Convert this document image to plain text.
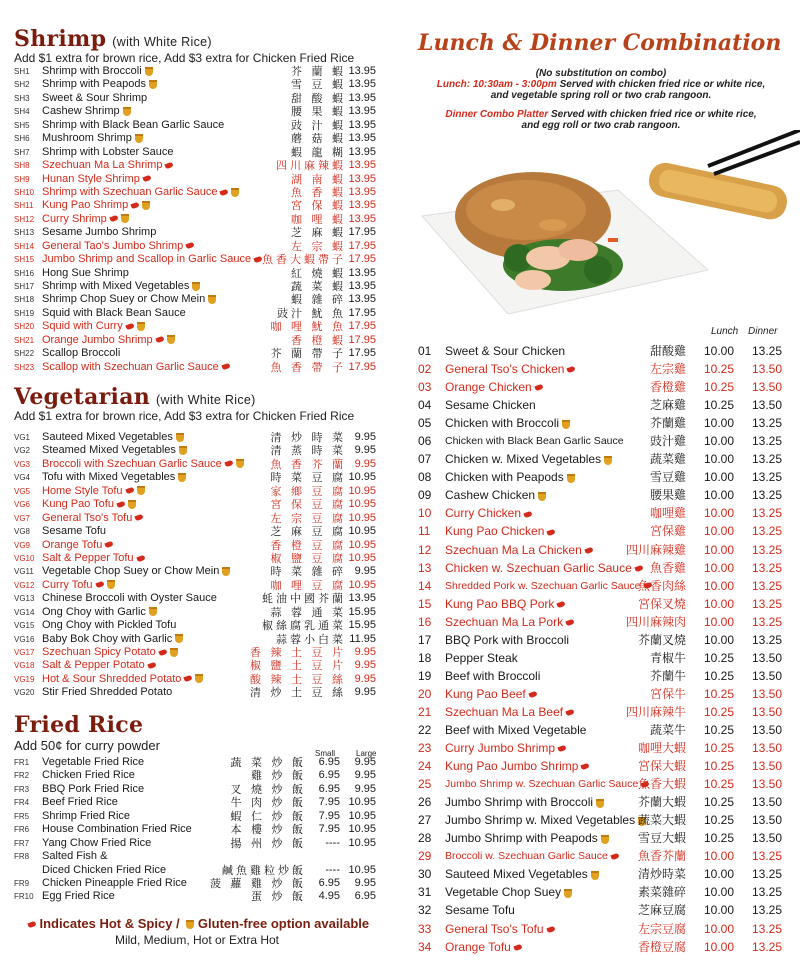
Shrimp (with White Rice)
Add $1 extra for brown rice, Add $3 extra for Chicken Fried Rice
SH1	Shrimp with Broccoli	芥 蘭 蝦 13.95
SH2	Shrimp with Peapods	雪 豆 蝦 13.95
SH3	Sweet & Sour Shrimp	甜 酸 蝦 13.95
SH4	Cashew Shrimp	腰 果 蝦 13.95
SH5	Shrimp with Black Bean Garlic Sauce	豉 汁 蝦 13.95
SH6	Mushroom Shrimp	蘑 菇 蝦 13.95
SH7	Shrimp with Lobster Sauce	蝦 龍 糊 13.95
SH8	Szechuan Ma La Shrimp	四川麻辣蝦 13.95
SH9	Hunan Style Shrimp	湖 南 蝦 13.95
SH10 Shrimp with Szechuan Garlic Sauce	魚 香 蝦 13.95
SH11 Kung Pao Shrimp	宮 保 蝦 13.95
SH12 Curry Shrimp	咖 哩 蝦 13.95
SH13 Sesame Jumbo Shrimp	芝 麻 蝦 17.95
SH14 General Tao's Jumbo Shrimp	左 宗 蝦 17.95
SH15 Jumbo Shrimp and Scallop in Garlic Sauce 魚香大蝦帶子 17.95
SH16 Hong Sue Shrimp	紅 燒 蝦 13.95
SH17 Shrimp with Mixed Vegetables	蔬 菜 蝦 13.95
SH18 Shrimp Chop Suey or Chow Mein	蝦 雜 碎 13.95
SH19 Squid with Black Bean Sauce	豉汁 魷 魚 17.95
SH20 Squid with Curry	咖 哩 魷 魚 17.95
SH21 Orange Jumbo Shrimp	香 橙 蝦 17.95
SH22 Scallop Broccoli	芥 蘭 帶 子 17.95
SH23 Scallop with Szechuan Garlic Sauce	魚 香 帶 子 17.95
Vegetarian (with White Rice)
Add $1 extra for brown rice, Add $3 extra for Chicken Fried Rice
VG1	Sauteed Mixed Vegetables	清 炒 時 菜 9.95
VG2	Steamed Mixed Vegetables	清 蒸 時 菜 9.95
VG3	Broccoli with Szechuan Garlic Sauce	魚 香 芥 蘭 9.95
VG4	Tofu with Mixed Vegetables	時 菜 豆 腐 10.95
VG5	Home Style Tofu	家 鄉 豆 腐 10.95
VG6	Kung Pao Tofu	宮 保 豆 腐 10.95
VG7	General Tso's Tofu	左 宗 豆 腐 10.95
VG8	Sesame Tofu	芝 麻 豆 腐 10.95
VG9	Orange Tofu	香 橙 豆 腐 10.95
VG10 Salt & Pepper Tofu	椒 鹽 豆 腐 10.95
VG11 Vegetable Chop Suey or Chow Mein	時 菜 雜 碎 9.95
VG12 Curry Tofu	咖 哩 豆 腐 10.95
VG13 Chinese Broccoli with Oyster Sauce	蚝油中國芥蘭 13.95
VG14 Ong Choy with Garlic	蒜 蓉 通 菜 15.95
VG15 Ong Choy with Pickled Tofu	椒絲腐乳通菜 15.95
VG16 Baby Bok Choy with Garlic	蒜蓉小白菜 11.95
VG17 Szechuan Spicy Potato	香 辣 土 豆 片 9.95
VG18 Salt & Pepper Potato	椒 鹽 土 豆 片 9.95
VG19 Hot & Sour Shredded Potato	酸 辣 土 豆 絲 9.95
VG20 Stir Fried Shredded Potato	清 炒 土 豆 絲 9.95
Fried Rice
Add 50¢ for curry powder
Small	Large
FR1	Vegetable Fried Rice	蔬 菜 炒 飯	6.95	9.95
FR2	Chicken Fried Rice	雞 炒 飯	6.95	9.95
FR3	BBQ Pork Fried Rice	叉 燒 炒 飯	6.95	9.95
FR4	Beef Fried Rice	牛 肉 炒 飯	7.95 10.95
FR5	Shrimp Fried Rice	蝦 仁 炒 飯	7.95 10.95
FR6	House Combination Fried Rice	本 樓 炒 飯	7.95 10.95
FR7	Yang Chow Fried Rice	揚 州 炒 飯	---- 10.95
FR8	Salted Fish &
Diced Chicken Fried Rice	鹹魚雞粒炒飯	---- 10.95
FR9	Chicken Pineapple Fried Rice 菠 蘿 雞 炒 飯	6.95	9.95
FR10 Egg Fried Rice	蛋 炒 飯	4.95	6.95
Indicates Hot & Spicy / Gluten-free option available
Mild, Medium, Hot or Extra Hot
Lunch & Dinner Combination
(No substitution on combo)
Lunch: 10:30am - 3:00pm Served with chicken fried rice or white rice,
and vegetable spring roll or two crab rangoon.
Dinner Combo Platter Served with chicken fried rice or white rice,
and egg roll or two crab rangoon.
Lunch Dinner
01 Sweet & Sour Chicken	甜酸雞	10.00	13.25
02 General Tso's Chicken	左宗雞	10.25	13.50
03 Orange Chicken	香橙雞	10.25	13.50
04 Sesame Chicken	芝麻雞	10.25	13.50
05 Chicken with Broccoli	芥蘭雞	10.00	13.25
06 Chicken with Black Bean Garlic Sauce 豉汁雞	10.00	13.25
07 Chicken w. Mixed Vegetables	蔬菜雞	10.00	13.25
08 Chicken with Peapods	雪豆雞	10.00	13.25
09 Cashew Chicken	腰果雞	10.00	13.25
10 Curry Chicken	咖哩雞	10.00	13.25
11 Kung Pao Chicken	宮保雞	10.00	13.25
12 Szechuan Ma La Chicken	四川麻辣雞	10.00	13.25
13 Chicken w. Szechuan Garlic Sauce	魚香雞	10.00	13.25
14 Shredded Pork w. Szechuan Garlic Sauce
魚香肉絲	10.00	13.25
15 Kung Pao BBQ Pork	宮保叉燒	10.00	13.25
16 Szechuan Ma La Pork	四川麻辣肉	10.00	13.25
17 BBQ Pork with Broccoli	芥蘭叉燒	10.00	13.25
18 Pepper Steak	青椒牛	10.25	13.50
19 Beef with Broccoli	芥蘭牛	10.25	13.50
20 Kung Pao Beef	宮保牛	10.25	13.50
21 Szechuan Ma La Beef	四川麻辣牛	10.25	13.50
22 Beef with Mixed Vegetable	蔬菜牛	10.25	13.50
23 Curry Jumbo Shrimp	咖哩大蝦	10.25	13.50
24 Kung Pao Jumbo Shrimp	宮保大蝦	10.25	13.50
25 Jumbo Shrimp w. Szechuan Garlic Sauce 魚香大蝦	10.25	13.50
26 Jumbo Shrimp with Broccoli	芥蘭大蝦	10.25	13.50
27 Jumbo Shrimp w. Mixed Vegetables 蔬菜大蝦	10.25	13.50
28 Jumbo Shrimp with Peapods	雪豆大蝦	10.25	13.50
29 Broccoli w. Szechuan Garlic Sauce	魚香芥蘭	10.00	13.25
30 Sauteed Mixed Vegetables	清炒時菜	10.00	13.25
31 Vegetable Chop Suey	素菜雜碎	10.00	13.25
32 Sesame Tofu	芝麻豆腐	10.00	13.25
33 General Tso's Tofu	左宗豆腐	10.00	13.25
34 Orange Tofu	香橙豆腐	10.00	13.25
